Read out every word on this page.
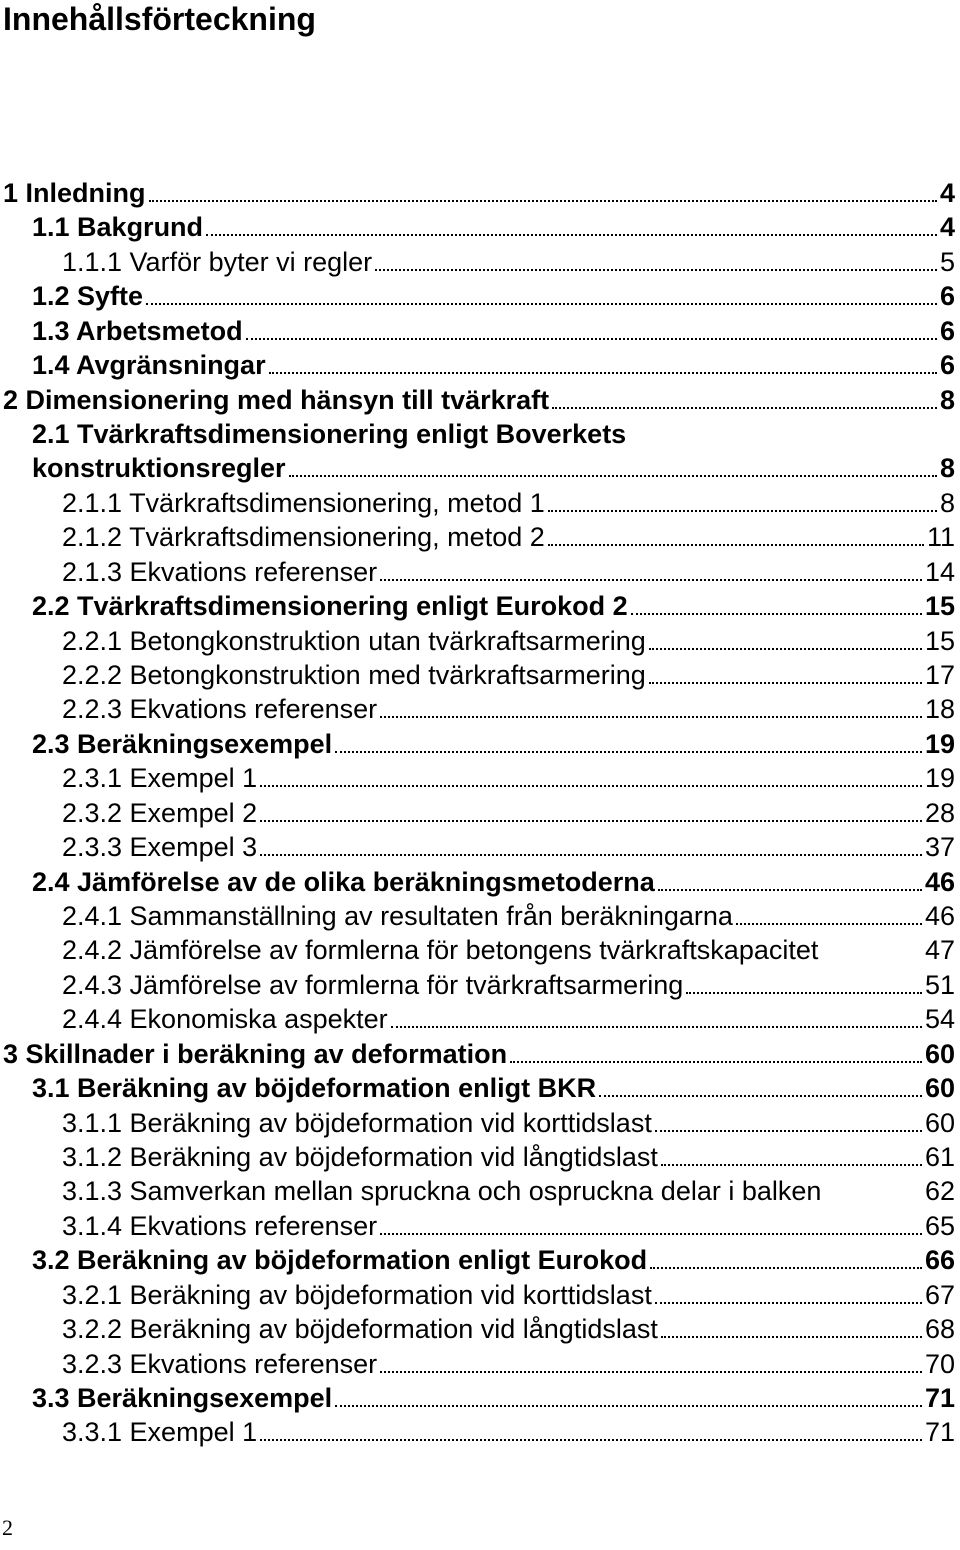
Innehållsförteckning
1 Inledning	4
1.1 Bakgrund	4
1.1.1 Varför byter vi regler	5
1.2 Syfte	6
1.3 Arbetsmetod	6
1.4 Avgränsningar	6
2 Dimensionering med hänsyn till tvärkraft	8
2.1 Tvärkraftsdimensionering enligt Boverkets
konstruktionsregler	8
2.1.1 Tvärkraftsdimensionering, metod 1	8
2.1.2 Tvärkraftsdimensionering, metod 2	11
2.1.3 Ekvations referenser	14
2.2 Tvärkraftsdimensionering enligt Eurokod 2	15
2.2.1 Betongkonstruktion utan tvärkraftsarmering	15
2.2.2 Betongkonstruktion med tvärkraftsarmering	17
2.2.3 Ekvations referenser	18
2.3 Beräkningsexempel	19
2.3.1 Exempel 1	19
2.3.2 Exempel 2	28
2.3.3 Exempel 3	37
2.4 Jämförelse av de olika beräkningsmetoderna	46
2.4.1 Sammanställning av resultaten från beräkningarna	46
2.4.2 Jämförelse av formlerna för betongens tvärkraftskapacitet	47
2.4.3 Jämförelse av formlerna för tvärkraftsarmering	51
2.4.4 Ekonomiska aspekter	54
3 Skillnader i beräkning av deformation	60
3.1 Beräkning av böjdeformation enligt BKR	60
3.1.1 Beräkning av böjdeformation vid korttidslast	60
3.1.2 Beräkning av böjdeformation vid långtidslast	61
3.1.3 Samverkan mellan spruckna och ospruckna delar i balken	62
3.1.4 Ekvations referenser	65
3.2 Beräkning av böjdeformation enligt Eurokod	66
3.2.1 Beräkning av böjdeformation vid korttidslast	67
3.2.2 Beräkning av böjdeformation vid långtidslast	68
3.2.3 Ekvations referenser	70
3.3 Beräkningsexempel	71
3.3.1 Exempel 1	71
2
